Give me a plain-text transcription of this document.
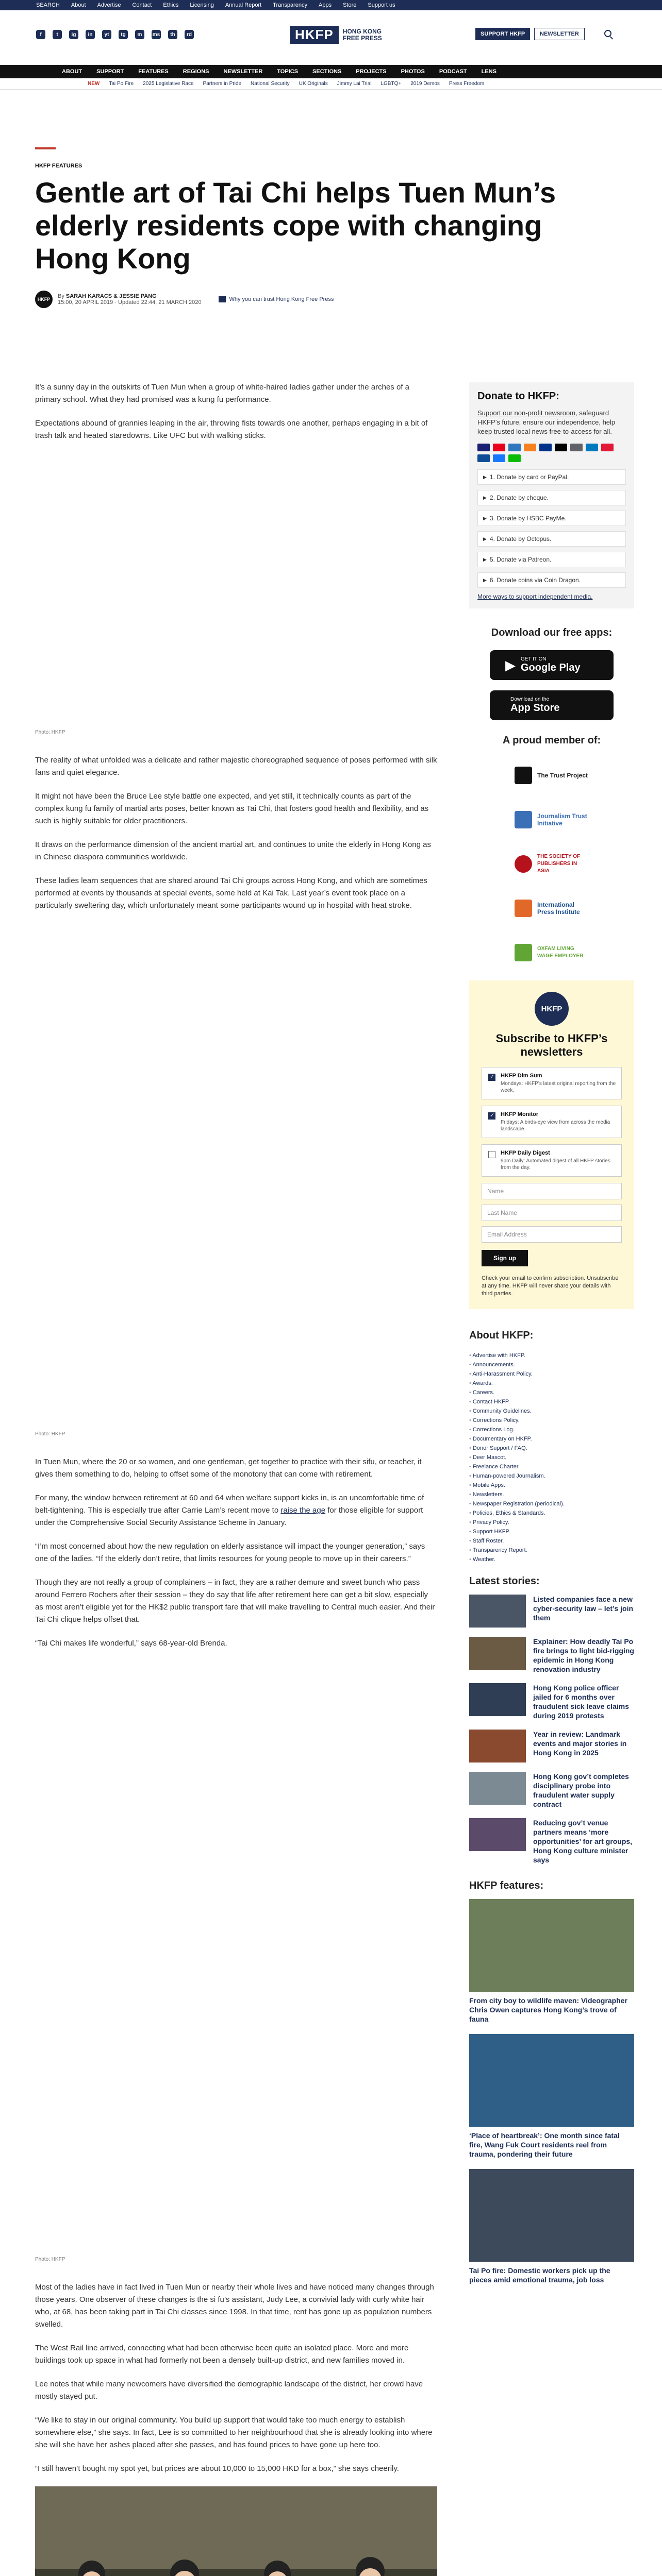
SEARCH About Advertise Contact Ethics Licensing Annual Report Transparency Apps Store Support us
f	t	ig	in	yt	tg	m	ms	th	rd	HKFP	HONG KONG
FREE PRESS
SUPPORT HKFP	NEWSLETTER
ABOUT	SUPPORT	FEATURES	REGIONS	NEWSLETTER	TOPICS	SECTIONS	PROJECTS	PHOTOS	PODCAST	LENS
NEW Tai Po Fire 2025 Legislative Race Partners in Pride National Security UK Originals Jimmy Lai Trial LGBTQ+ 2019 Demos Press Freedom
HKFP FEATURES
Gentle art of Tai Chi helps Tuen Mun’s elderly residents cope with changing Hong Kong
HKFP	By SARAH KARACS & JESSIE PANG
15:00, 20 APRIL 2019 · Updated 22:44, 21 MARCH 2020	Why you can trust Hong Kong Free Press

It’s a sunny day in the outskirts of Tuen Mun when a group of white-haired ladies gather under the arches of a primary school. What they had promised was a kung fu performance.

Expectations abound of grannies leaping in the air, throwing fists towards one another, perhaps engaging in a bit of trash talk and heated staredowns. Like UFC but with walking sticks.

Photo: HKFP

The reality of what unfolded was a delicate and rather majestic choreographed sequence of poses performed with silk fans and quiet elegance.

It might not have been the Bruce Lee style battle one expected, and yet still, it technically counts as part of the complex kung fu family of martial arts poses, better known as Tai Chi, that fosters good health and flexibility, and as such is highly suitable for older practitioners.

It draws on the performance dimension of the ancient martial art, and continues to unite the elderly in Hong Kong as in Chinese diaspora communities worldwide.

These ladies learn sequences that are shared around Tai Chi groups across Hong Kong, and which are sometimes performed at events by thousands at special events, some held at Kai Tak. Last year’s event took place on a particularly sweltering day, which unfortunately meant some participants wound up in hospital with heat stroke.

Photo: HKFP

In Tuen Mun, where the 20 or so women, and one gentleman, get together to practice with their sifu, or teacher, it gives them something to do, helping to offset some of the monotony that can come with retirement.

For many, the window between retirement at 60 and 64 when welfare support kicks in, is an uncomfortable time of belt-tightening. This is especially true after Carrie Lam’s recent move to raise the age for those eligible for support under the Comprehensive Social Security Assistance Scheme in January.

“I’m most concerned about how the new regulation on elderly assistance will impact the younger generation,” says one of the ladies. “If the elderly don’t retire, that limits resources for young people to move up in their careers.”

Though they are not really a group of complainers – in fact, they are a rather demure and sweet bunch who pass around Ferrero Rochers after their session – they do say that life after retirement here can get a bit slow, especially as most aren’t eligible yet for the HK$2 public transport fare that will make travelling to Central much easier. And their Tai Chi clique helps offset that.

“Tai Chi makes life wonderful,” says 68-year-old Brenda.

Photo: HKFP

Most of the ladies have in fact lived in Tuen Mun or nearby their whole lives and have noticed many changes through those years. One observer of these changes is the si fu’s assistant, Judy Lee, a convivial lady with curly white hair who, at 68, has been taking part in Tai Chi classes since 1998. In that time, rent has gone up as population numbers swelled.

The West Rail line arrived, connecting what had been otherwise been quite an isolated place. More and more buildings took up space in what had formerly not been a densely built-up district, and new families moved in.

Lee notes that while many newcomers have diversified the demographic landscape of the district, her crowd have mostly stayed put.

“We like to stay in our original community. You build up support that would take too much energy to establish somewhere else,” she says. In fact, Lee is so committed to her neighbourhood that she is already looking into where she will she have her ashes placed after she passes, and has found prices to have gone up here too.

“I still haven’t bought my spot yet, but prices are about 10,000 to 15,000 HKD for a box,” she says cheerily.

Donate to HKFP:
Support our non-profit newsroom, safeguard HKFP’s future, ensure our independence, help keep trusted local news free-to-access for all.
▶ 1. Donate by card or PayPal.
▶ 2. Donate by cheque.
▶ 3. Donate by HSBC PayMe.
▶ 4. Donate by Octopus.
▶ 5. Donate via Patreon.
▶ 6. Donate coins via Coin Dragon.
More ways to support independent media.
Download our free apps:
▶ GET IT ON
Google Play
Download on the
App Store
A proud member of:
The Trust Project
Journalism Trust Initiative
THE SOCIETY OF PUBLISHERS IN ASIA
International Press Institute
OXFAM LIVING WAGE EMPLOYER
HKFP
Subscribe to HKFP’s newsletters
✓
HKFP Dim Sum
Mondays: HKFP’s latest original reporting from the week.
✓
HKFP Monitor
Fridays: A birds-eye view from across the media landscape.
HKFP Daily Digest
9pm Daily: Automated digest of all HKFP stories from the day.
Name
Last Name
Email Address
Sign up
Check your email to confirm subscription. Unsubscribe at any time. HKFP will never share your details with third parties.
About HKFP:
• Advertise with HKFP.
• Announcements.
• Anti-Harassment Policy.
• Awards.
• Careers.
• Contact HKFP.
• Community Guidelines.
• Corrections Policy.
• Corrections Log.
• Documentary on HKFP.
• Donor Support / FAQ.
• Deer Mascot.
• Freelance Charter.
• Human-powered Journalism.
• Mobile Apps.
• Newsletters.
• Newspaper Registration (periodical).
• Policies, Ethics & Standards.
• Privacy Policy.
• Support HKFP.
• Staff Roster.
• Transparency Report.
• Weather.
Latest stories:
Listed companies face a new cyber-security law – let’s join them
Explainer: How deadly Tai Po fire brings to light bid-rigging epidemic in Hong Kong renovation industry
Hong Kong police officer jailed for 6 months over fraudulent sick leave claims during 2019 protests
Year in review: Landmark events and major stories in Hong Kong in 2025
Hong Kong gov’t completes disciplinary probe into fraudulent water supply contract
Reducing gov’t venue partners means ‘more opportunities’ for art groups, Hong Kong culture minister says
HKFP features:
From city boy to wildlife maven: Videographer Chris Owen captures Hong Kong’s trove of fauna
‘Place of heartbreak’: One month since fatal fire, Wang Fuk Court residents reel from trauma, pondering their future
Tai Po fire: Domestic workers pick up the pieces amid emotional trauma, job loss
